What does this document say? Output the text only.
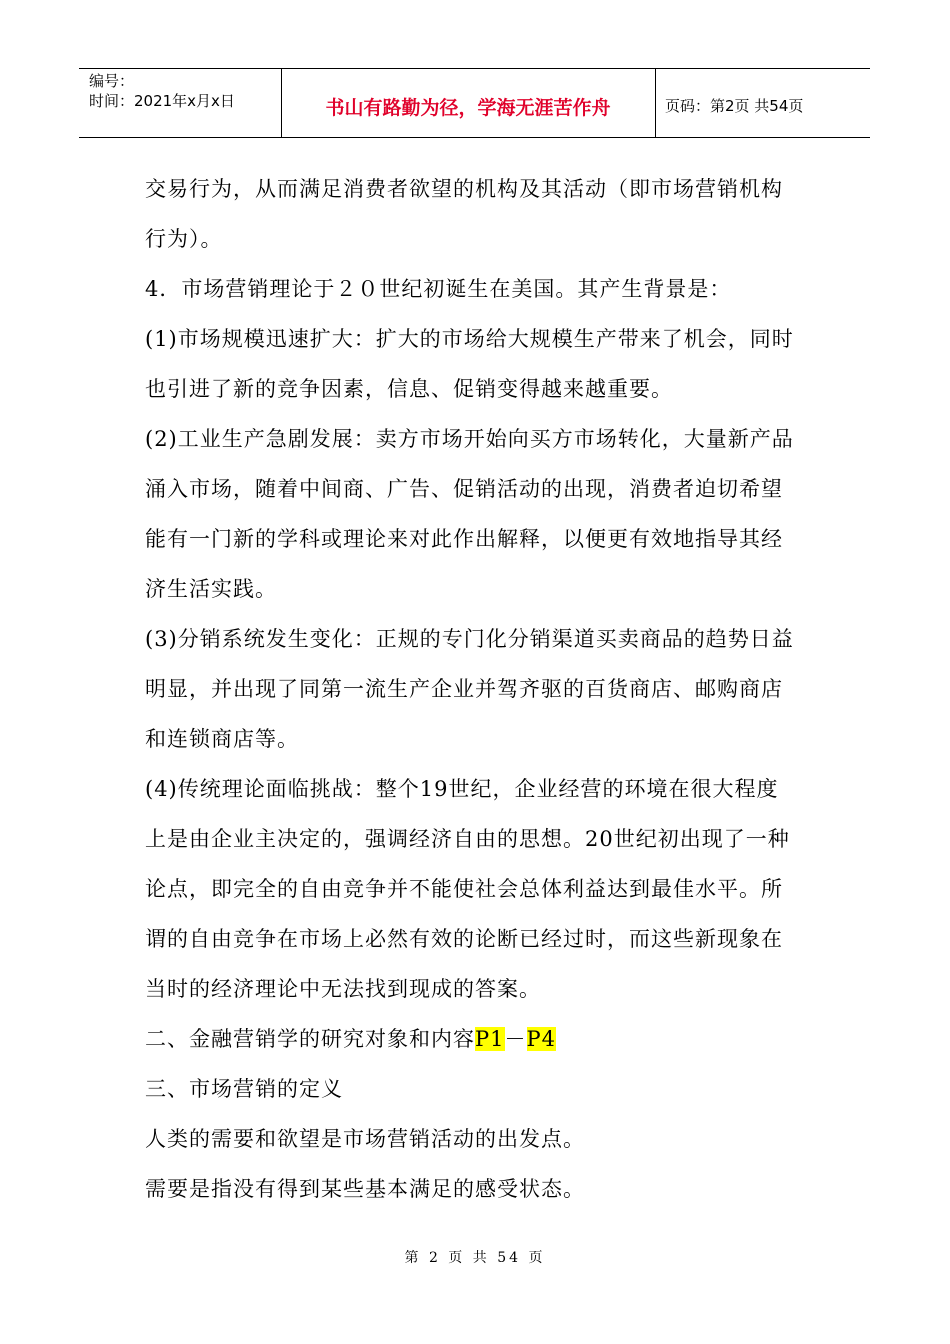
编号：
时间：2021年x月x日	书山有路勤为径，学海无涯苦作舟	页码：第2页 共54页

交易行为，从而满足消费者欲望的机构及其活动（即市场营销机构

行为）。

4．市场营销理论于２０世纪初诞生在美国。其产生背景是：

(1)市场规模迅速扩大：扩大的市场给大规模生产带来了机会，同时

也引进了新的竞争因素，信息、促销变得越来越重要。

(2)工业生产急剧发展：卖方市场开始向买方市场转化，大量新产品

涌入市场，随着中间商、广告、促销活动的出现，消费者迫切希望

能有一门新的学科或理论来对此作出解释，以便更有效地指导其经

济生活实践。

(3)分销系统发生变化：正规的专门化分销渠道买卖商品的趋势日益

明显，并出现了同第一流生产企业并驾齐驱的百货商店、邮购商店

和连锁商店等。

(4)传统理论面临挑战：整个19世纪，企业经营的环境在很大程度

上是由企业主决定的，强调经济自由的思想。20世纪初出现了一种

论点，即完全的自由竞争并不能使社会总体利益达到最佳水平。所

谓的自由竞争在市场上必然有效的论断已经过时，而这些新现象在

当时的经济理论中无法找到现成的答案。

二、金融营销学的研究对象和内容P1－P4

三、市场营销的定义

人类的需要和欲望是市场营销活动的出发点。

需要是指没有得到某些基本满足的感受状态。

第 2 页 共 54 页
